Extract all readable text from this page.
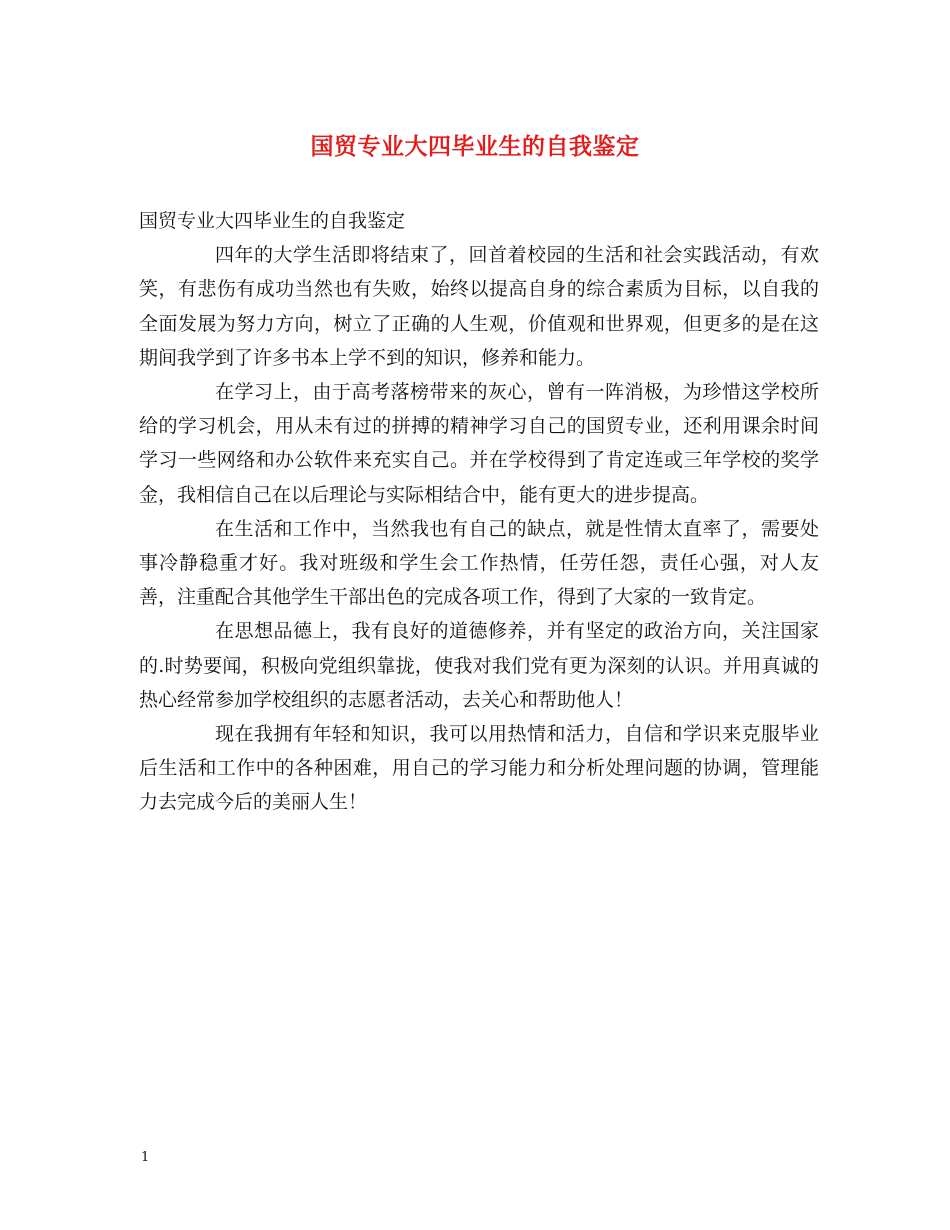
国贸专业大四毕业生的自我鉴定

国贸专业大四毕业生的自我鉴定

四年的大学生活即将结束了，回首着校园的生活和社会实践活动，有欢笑，有悲伤有成功当然也有失败，始终以提高自身的综合素质为目标，以自我的全面发展为努力方向，树立了正确的人生观，价值观和世界观，但更多的是在这期间我学到了许多书本上学不到的知识，修养和能力。

在学习上，由于高考落榜带来的灰心，曾有一阵消极，为珍惜这学校所给的学习机会，用从未有过的拼搏的精神学习自己的国贸专业，还利用课余时间学习一些网络和办公软件来充实自己。并在学校得到了肯定连或三年学校的奖学金，我相信自己在以后理论与实际相结合中，能有更大的进步提高。

在生活和工作中，当然我也有自己的缺点，就是性情太直率了，需要处事冷静稳重才好。我对班级和学生会工作热情，任劳任怨，责任心强，对人友善，注重配合其他学生干部出色的完成各项工作，得到了大家的一致肯定。

在思想品德上，我有良好的道德修养，并有坚定的政治方向，关注国家的.时势要闻，积极向党组织靠拢，使我对我们党有更为深刻的认识。并用真诚的热心经常参加学校组织的志愿者活动，去关心和帮助他人！

现在我拥有年轻和知识，我可以用热情和活力，自信和学识来克服毕业后生活和工作中的各种困难，用自己的学习能力和分析处理问题的协调，管理能力去完成今后的美丽人生！

1
